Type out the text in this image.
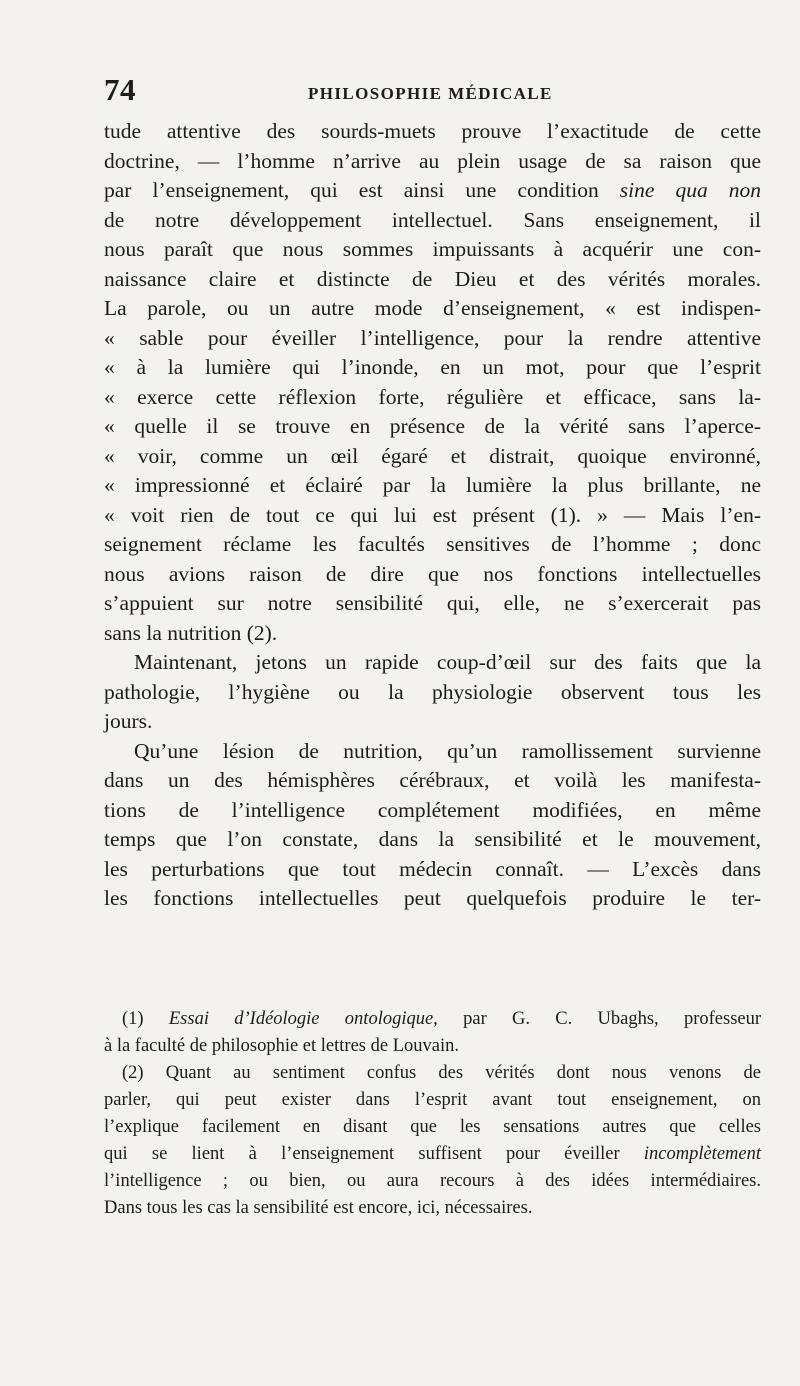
74	PHILOSOPHIE MÉDICALE
tude attentive des sourds-muets prouve l’exactitude de cette
doctrine, — l’homme n’arrive au plein usage de sa raison que
par l’enseignement, qui est ainsi une condition sine qua non
de notre développement intellectuel. Sans enseignement, il
nous paraît que nous sommes impuissants à acquérir une con-
naissance claire et distincte de Dieu et des vérités morales.
La parole, ou un autre mode d’enseignement, « est indispen-
« sable pour éveiller l’intelligence, pour la rendre attentive
« à la lumière qui l’inonde, en un mot, pour que l’esprit
« exerce cette réflexion forte, régulière et efficace, sans la-
« quelle il se trouve en présence de la vérité sans l’aperce-
« voir, comme un œil égaré et distrait, quoique environné,
« impressionné et éclairé par la lumière la plus brillante, ne
« voit rien de tout ce qui lui est présent (1). » — Mais l’en-
seignement réclame les facultés sensitives de l’homme ; donc
nous avions raison de dire que nos fonctions intellectuelles
s’appuient sur notre sensibilité qui, elle, ne s’exercerait pas
sans la nutrition (2).
Maintenant, jetons un rapide coup-d’œil sur des faits que la
pathologie, l’hygiène ou la physiologie observent tous les
jours.
Qu’une lésion de nutrition, qu’un ramollissement survienne
dans un des hémisphères cérébraux, et voilà les manifesta-
tions de l’intelligence complétement modifiées, en même
temps que l’on constate, dans la sensibilité et le mouvement,
les perturbations que tout médecin connaît. — L’excès dans
les fonctions intellectuelles peut quelquefois produire le ter-
(1) Essai d’Idéologie ontologique, par G. C. Ubaghs, professeur
à la faculté de philosophie et lettres de Louvain.
(2) Quant au sentiment confus des vérités dont nous venons de
parler, qui peut exister dans l’esprit avant tout enseignement, on
l’explique facilement en disant que les sensations autres que celles
qui se lient à l’enseignement suffisent pour éveiller incomplètement
l’intelligence ; ou bien, ou aura recours à des idées intermédiaires.
Dans tous les cas la sensibilité est encore, ici, nécessaires.
